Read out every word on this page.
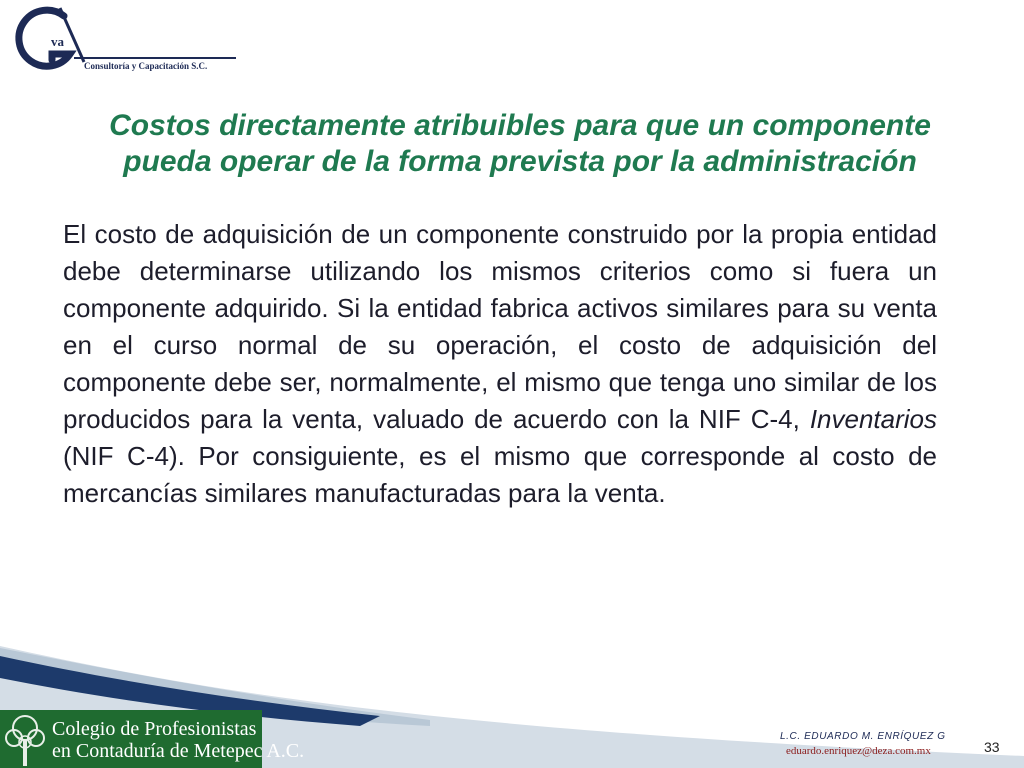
va
Consultoría y Capacitación S.C.
Costos directamente atribuibles para que un componente pueda operar de la forma prevista por la administración
El costo de adquisición de un componente construido por la propia entidad debe determinarse utilizando los mismos criterios como si fuera un componente adquirido. Si la entidad fabrica activos similares para su venta en el curso normal de su operación, el costo de adquisición del componente debe ser, normalmente, el mismo que tenga uno similar de los producidos para la venta, valuado de acuerdo con la NIF C-4, Inventarios (NIF C-4). Por consiguiente, es el mismo que corresponde al costo de mercancías similares manufacturadas para la venta.
Colegio de Profesionistas
en Contaduría de Metepec A.C.
L.C. EDUARDO M. ENRÍQUEZ G
eduardo.enriquez@deza.com.mx	33
